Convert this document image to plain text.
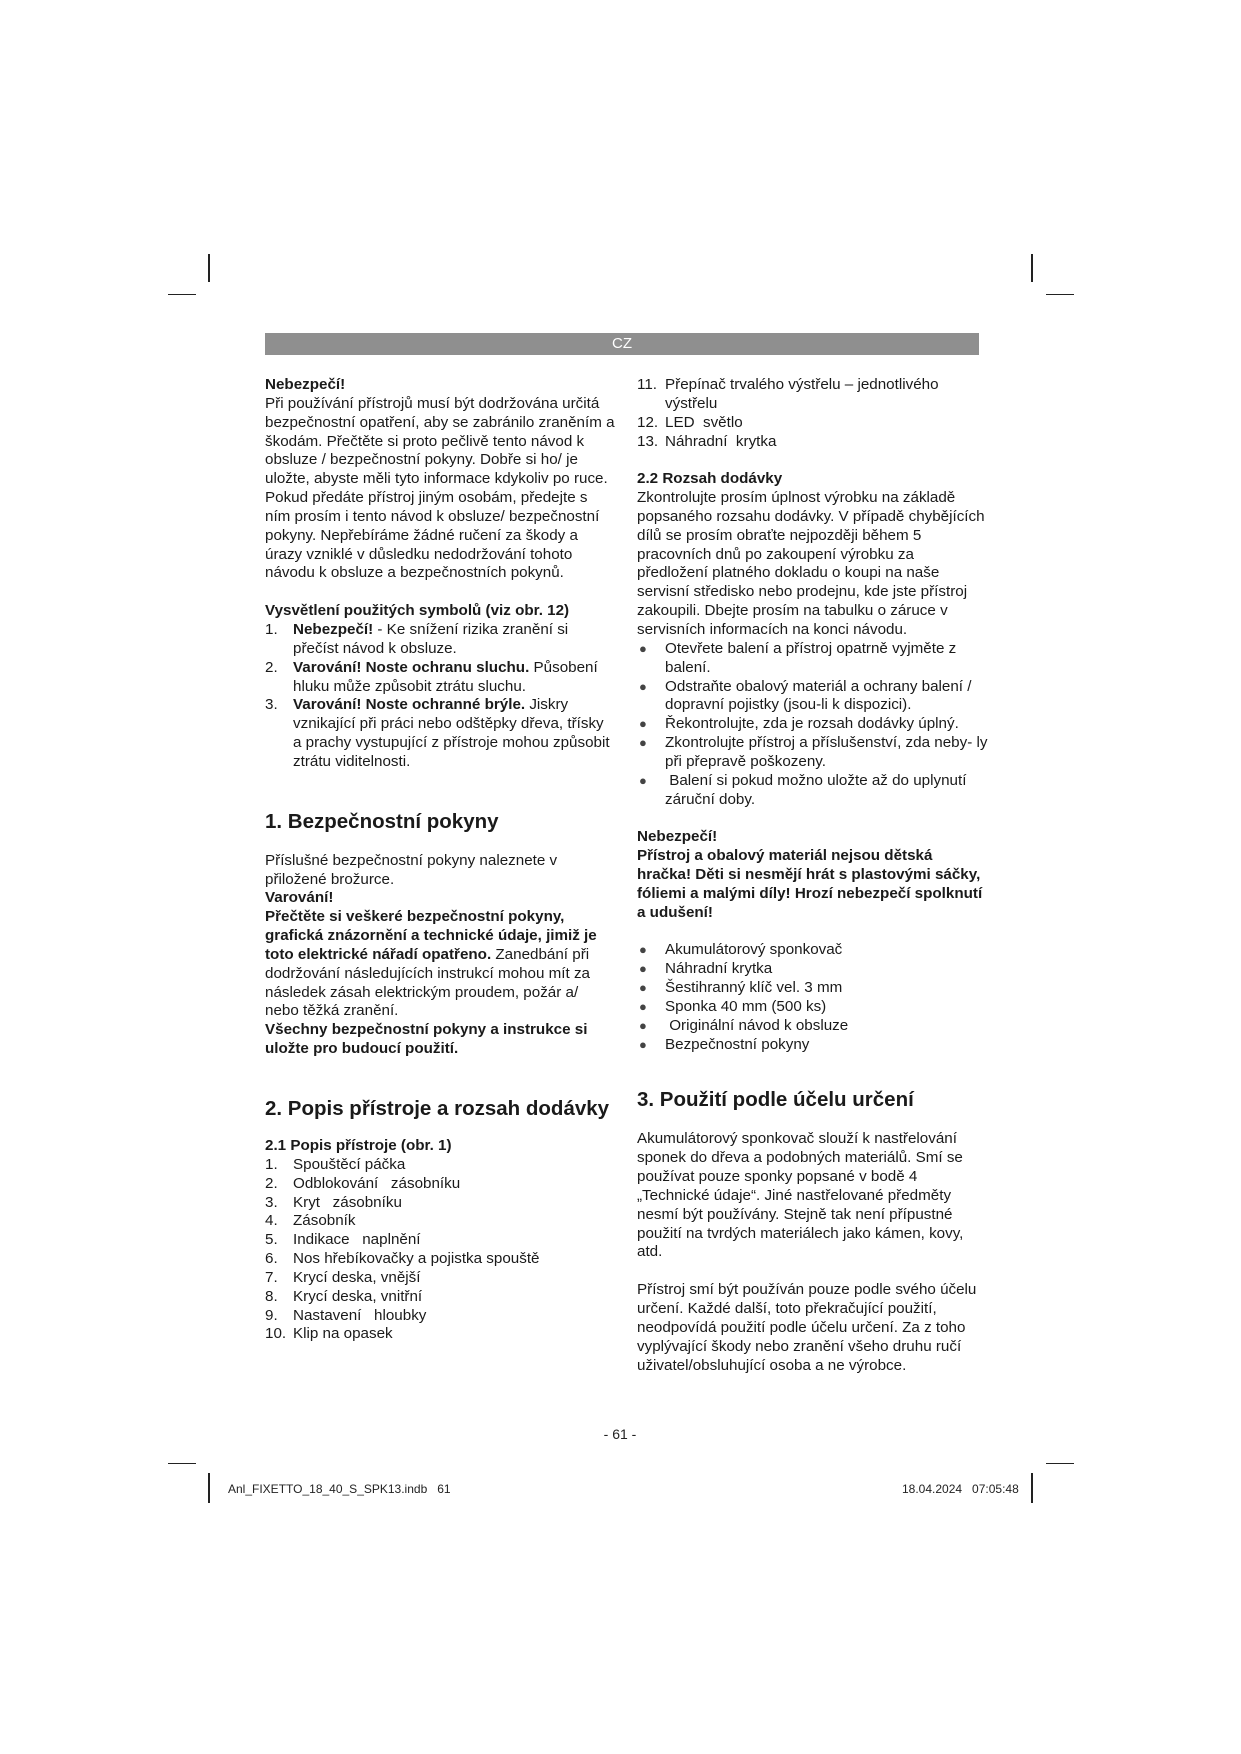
CZ

Nebezpečí!

Při používání přístrojů musí být dodržována určitá bezpečnostní opatření, aby se zabránilo zraněním a škodám. Přečtěte si proto pečlivě tento návod k obsluze / bezpečnostní pokyny. Dobře si ho/ je uložte, abyste měli tyto informace kdykoliv po ruce. Pokud předáte přístroj jiným osobám, předejte s ním prosím i tento návod k obsluze/ bezpečnostní pokyny. Nepřebíráme žádné ručení za škody a úrazy vzniklé v důsledku nedodržování tohoto návodu k obsluze a bezpečnostních pokynů.

Vysvětlení použitých symbolů (viz obr. 12)

1. Nebezpečí! - Ke snížení rizika zranění si přečíst návod k obsluze.
2. Varování! Noste ochranu sluchu. Působení hluku může způsobit ztrátu sluchu.
3. Varování! Noste ochranné brýle. Jiskry vznikající při práci nebo odštěpky dřeva, třísky a prachy vystupující z přístroje mohou způsobit ztrátu viditelnosti.

1. Bezpečnostní pokyny

Příslušné bezpečnostní pokyny naleznete v přiložené brožurce.

Varování!

Přečtěte si veškeré bezpečnostní pokyny, grafická znázornění a technické údaje, jimiž je toto elektrické nářadí opatřeno. Zanedbání při dodržování následujících instrukcí mohou mít za následek zásah elektrickým proudem, požár a/ nebo těžká zranění.

Všechny bezpečnostní pokyny a instrukce si uložte pro budoucí použití.

2. Popis přístroje a rozsah dodávky

2.1 Popis přístroje (obr. 1)

1. Spouštěcí páčka
2. Odblokování   zásobníku
3. Kryt   zásobníku
4. Zásobník
5. Indikace   naplnění
6. Nos hřebíkovačky a pojistka spouště
7. Krycí deska, vnější
8. Krycí deska, vnitřní
9. Nastavení   hloubky
10. Klip na opasek
11. Přepínač trvalého výstřelu – jednotlivého výstřelu
12. LED  světlo
13. Náhradní  krytka

2.2 Rozsah dodávky

Zkontrolujte prosím úplnost výrobku na základě popsaného rozsahu dodávky. V případě chybějících dílů se prosím obraťte nejpozději během 5 pracovních dnů po zakoupení výrobku za předložení platného dokladu o koupi na naše servisní středisko nebo prodejnu, kde jste přístroj zakoupili. Dbejte prosím na tabulku o záruce v servisních informacích na konci návodu.

● Otevřete balení a přístroj opatrně vyjměte z balení.
● Odstraňte obalový materiál a ochrany balení / dopravní pojistky (jsou-li k dispozici).
● Řekontrolujte, zda je rozsah dodávky úplný.
● Zkontrolujte přístroj a příslušenství, zda neby- ly při přepravě poškozeny.
● Balení si pokud možno uložte až do uplynutí záruční doby.

Nebezpečí!

Přístroj a obalový materiál nejsou dětská hračka! Děti si nesmějí hrát s plastovými sáčky, fóliemi a malými díly! Hrozí nebezpečí spolknutí a udušení!

● Akumulátorový sponkovač
● Náhradní krytka
● Šestihranný klíč vel. 3 mm
● Sponka 40 mm (500 ks)
● Originální návod k obsluze
● Bezpečnostní pokyny

3. Použití podle účelu určení

Akumulátorový sponkovač slouží k nastřelování sponek do dřeva a podobných materiálů. Smí se používat pouze sponky popsané v bodě 4 „Technické údaje“. Jiné nastřelované předměty nesmí být používány. Stejně tak není přípustné použití na tvrdých materiálech jako kámen, kovy, atd.

Přístroj smí být používán pouze podle svého účelu určení. Každé další, toto překračující použití, neodpovídá použití podle účelu určení. Za z toho vyplývající škody nebo zranění všeho druhu ručí uživatel/obsluhující osoba a ne výrobce.

- 61 -
Anl_FIXETTO_18_40_S_SPK13.indb   61	18.04.2024   07:05:48
